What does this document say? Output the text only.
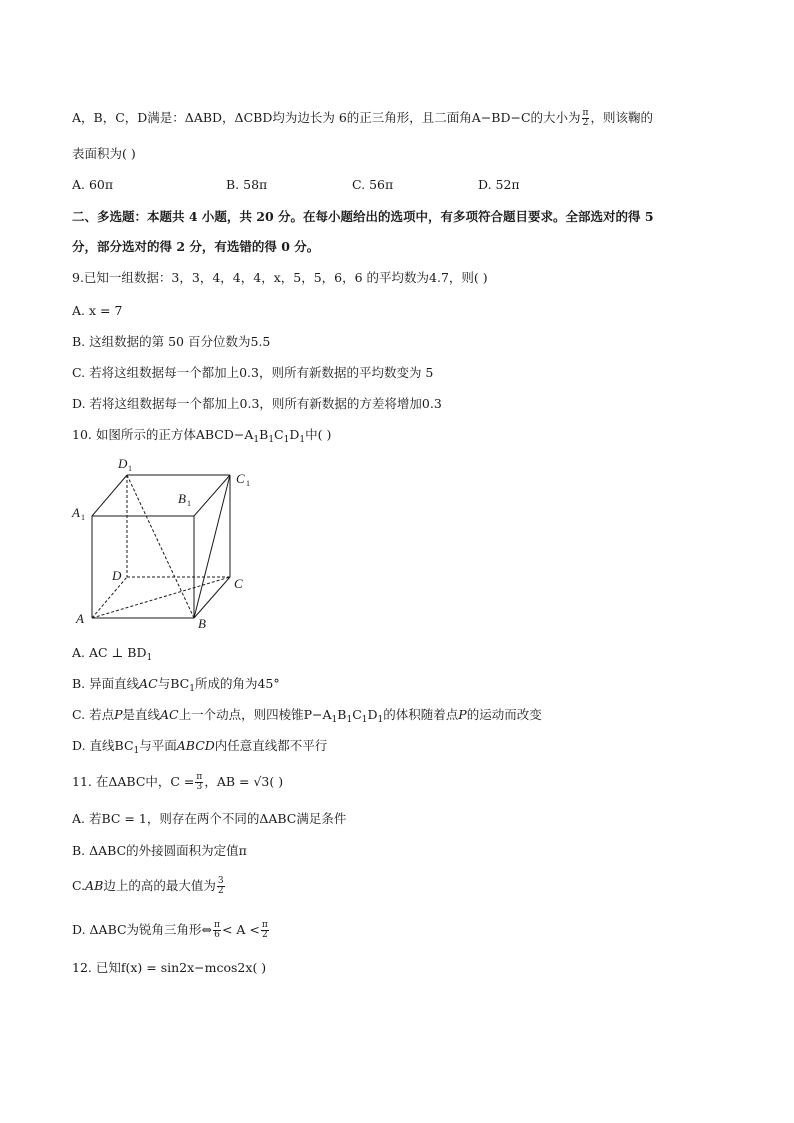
A，B，C，D满是：ΔABD，ΔCBD均为边长为 6的正三角形，且二面角A−BD−C的大小为 $\frac{\pi}{2}$ ，则该鞠的
表面积为( )
A. 60π	B. 58π	C. 56π	D. 52π
二、多选题：本题共 4 小题，共 20 分。在每小题给出的选项中，有多项符合题目要求。全部选对的得 5
分，部分选对的得 2 分，有选错的得 0 分。
9.已知一组数据：3，3，4，4，4，x，5，5，6，6 的平均数为4.7，则( )
A. x = 7
B. 这组数据的第 50 百分位数为5.5
C. 若将这组数据每一个都加上0.3，则所有新数据的平均数变为 5
D. 若将这组数据每一个都加上0.3，则所有新数据的方差将增加0.3
10. 如图所示的正方体$ABCD-A_1B_1C_1D_1$中( )
D 1
C 1
B 1
A 1
D
C
A	B
A. AC ⊥ $BD_1$
B. 异面直线AC与$BC_1$所成的角为45°
C. 若点P是直线AC上一个动点，则四棱锥$P-A_1B_1C_1D_1$的体积随着点P的运动而改变
D. 直线$BC_1$与平面ABCD内任意直线都不平行
11. 在ΔABC中，$C = \frac{\pi}{3}$ ，AB = √3( )
A. 若BC = 1，则存在两个不同的ΔABC满足条件
B. ΔABC的外接圆面积为定值π
C.AB边上的高的最大值为 $\frac{3}{2}$
D. ΔABC为锐角三角形⇔ $\frac{\pi}{6} < A < \frac{\pi}{2}$
12. 已知f(x) = sin2x−mcos2x( )
